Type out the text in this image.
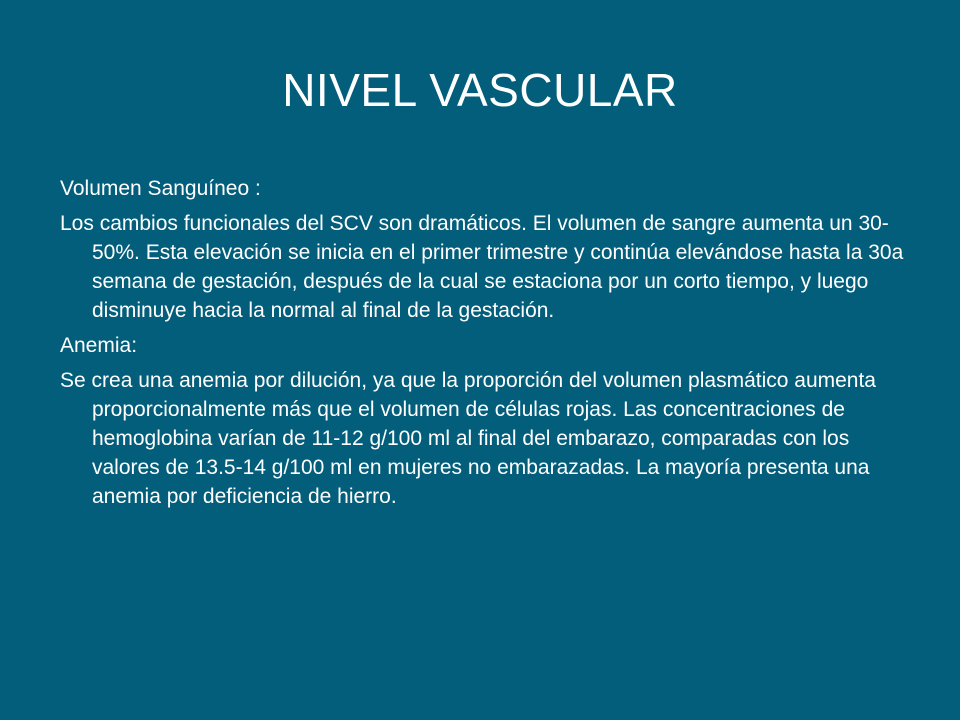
NIVEL VASCULAR

Volumen Sanguíneo :

Los cambios funcionales del SCV son dramáticos. El volumen de sangre aumenta un 30-50%. Esta elevación se inicia en el primer trimestre y continúa elevándose hasta la 30a semana de gestación, después de la cual se estaciona por un corto tiempo, y luego disminuye hacia la normal al final de la gestación.

Anemia:

Se crea una anemia por dilución, ya que la proporción del volumen plasmático aumenta proporcionalmente más que el volumen de células rojas. Las concentraciones de hemoglobina varían de 11-12 g/100 ml al final del embarazo, comparadas con los valores de 13.5-14 g/100 ml en mujeres no embarazadas. La mayoría presenta una anemia por deficiencia de hierro.
